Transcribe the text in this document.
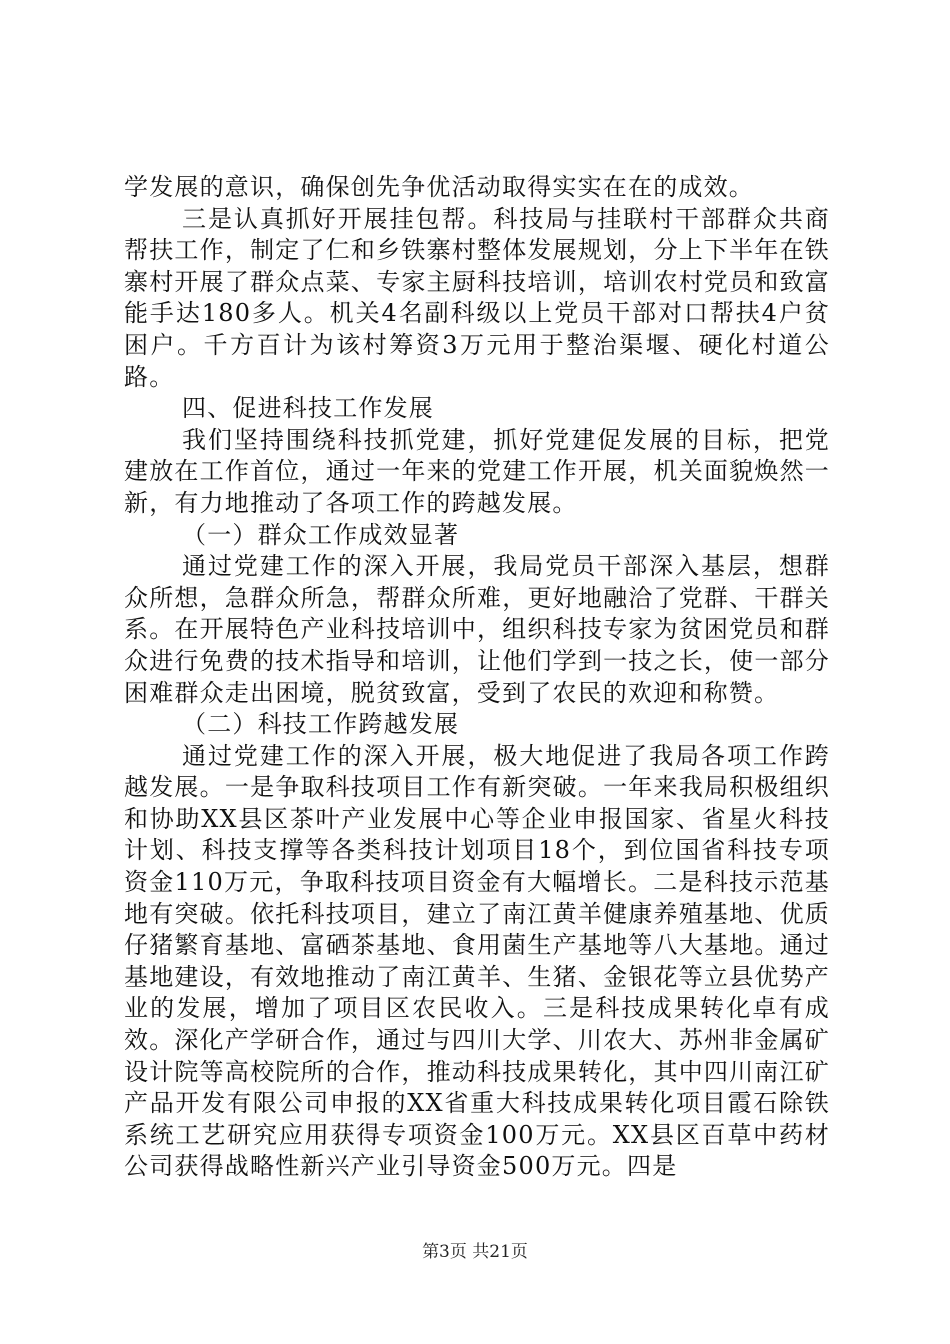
学发展的意识，确保创先争优活动取得实实在在的成效。

三是认真抓好开展挂包帮。科技局与挂联村干部群众共商帮扶工作，制定了仁和乡铁寨村整体发展规划，分上下半年在铁寨村开展了群众点菜、专家主厨科技培训，培训农村党员和致富能手达180多人。机关4名副科级以上党员干部对口帮扶4户贫困户。千方百计为该村筹资3万元用于整治渠堰、硬化村道公路。

四、促进科技工作发展

我们坚持围绕科技抓党建，抓好党建促发展的目标，把党建放在工作首位，通过一年来的党建工作开展，机关面貌焕然一新，有力地推动了各项工作的跨越发展。

（一）群众工作成效显著

通过党建工作的深入开展，我局党员干部深入基层，想群众所想，急群众所急，帮群众所难，更好地融洽了党群、干群关系。在开展特色产业科技培训中，组织科技专家为贫困党员和群众进行免费的技术指导和培训，让他们学到一技之长，使一部分困难群众走出困境，脱贫致富，受到了农民的欢迎和称赞。

（二）科技工作跨越发展

通过党建工作的深入开展，极大地促进了我局各项工作跨越发展。一是争取科技项目工作有新突破。一年来我局积极组织和协助XX县区茶叶产业发展中心等企业申报国家、省星火科技计划、科技支撑等各类科技计划项目18个，到位国省科技专项资金110万元，争取科技项目资金有大幅增长。二是科技示范基地有突破。依托科技项目，建立了南江黄羊健康养殖基地、优质仔猪繁育基地、富硒茶基地、食用菌生产基地等八大基地。通过基地建设，有效地推动了南江黄羊、生猪、金银花等立县优势产业的发展，增加了项目区农民收入。三是科技成果转化卓有成效。深化产学研合作，通过与四川大学、川农大、苏州非金属矿设计院等高校院所的合作，推动科技成果转化，其中四川南江矿产品开发有限公司申报的XX省重大科技成果转化项目霞石除铁系统工艺研究应用获得专项资金100万元。XX县区百草中药材公司获得战略性新兴产业引导资金500万元。四是

第3页 共21页
